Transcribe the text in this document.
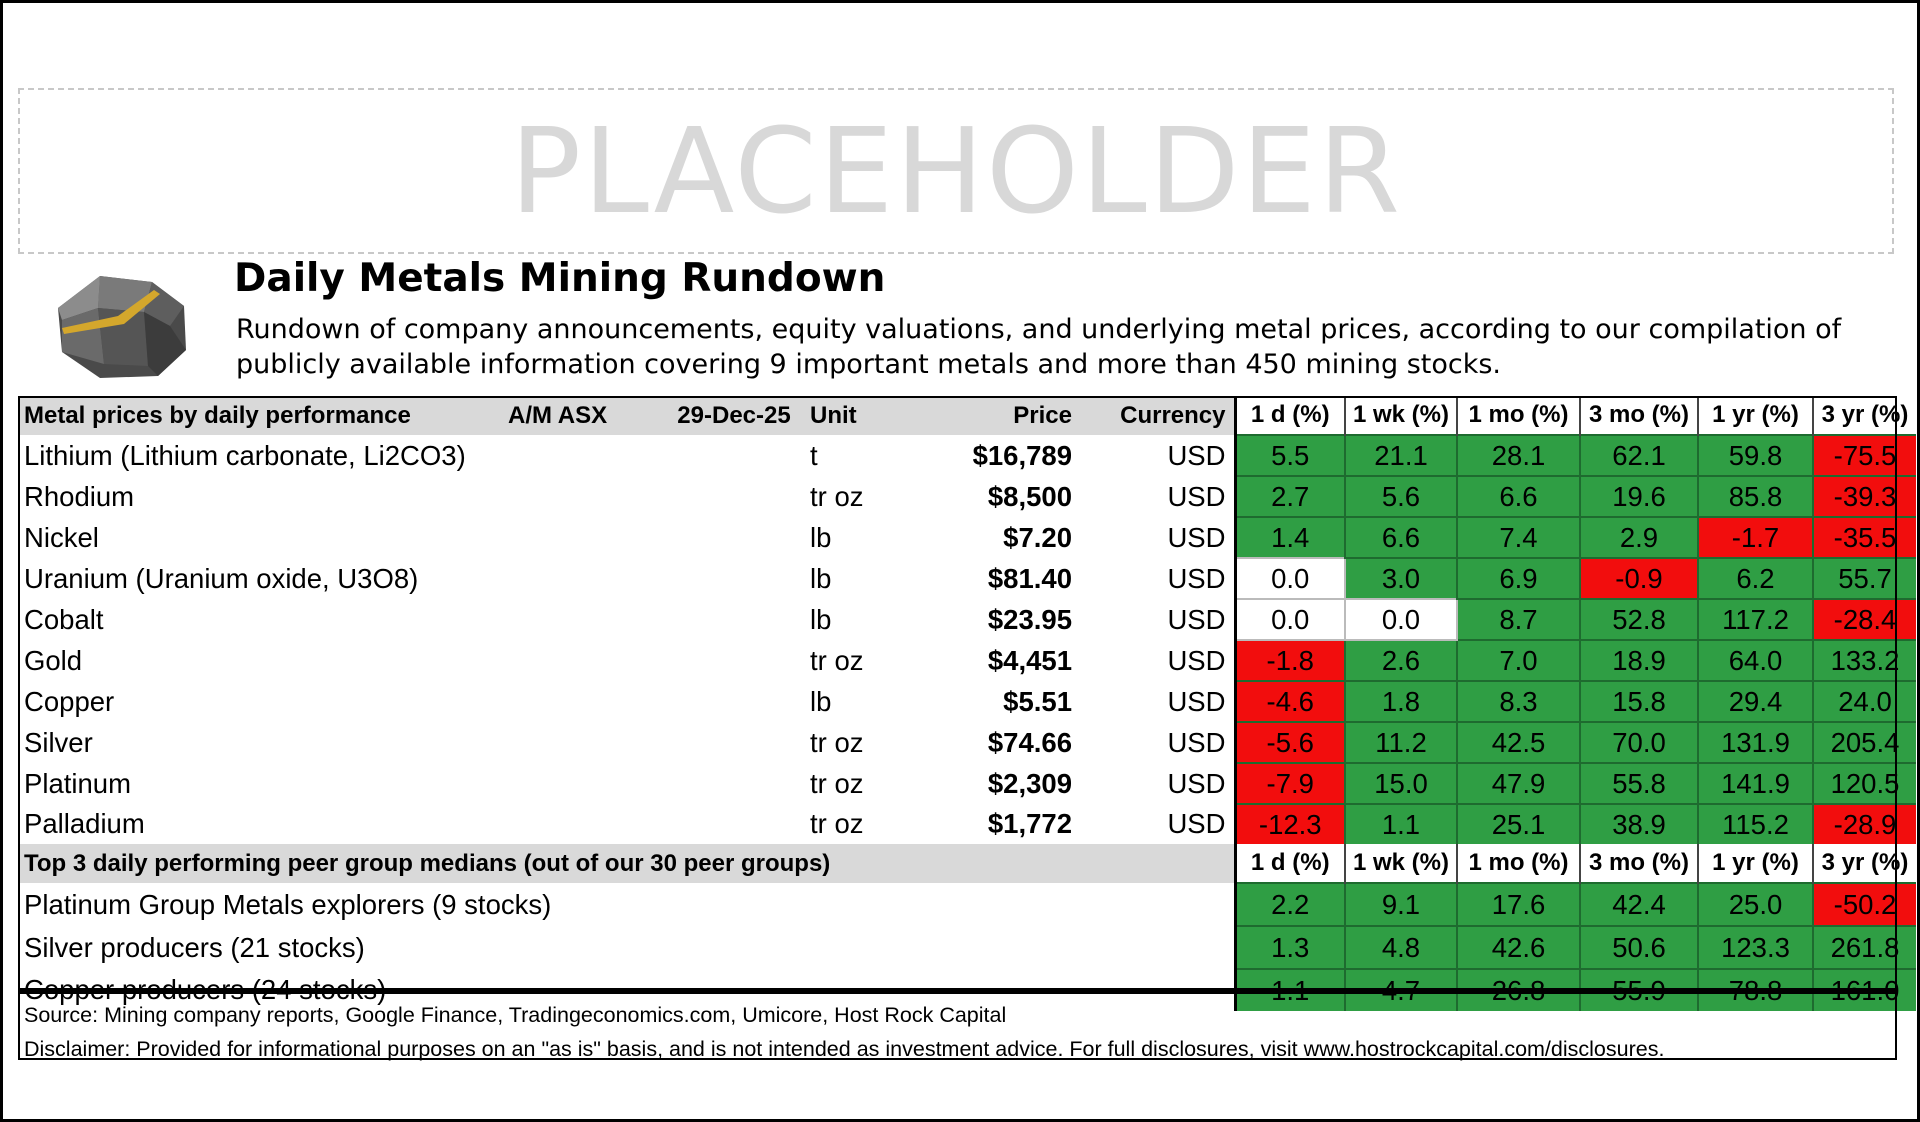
PLACEHOLDER
Daily Metals Mining Rundown
Rundown of company announcements, equity valuations, and underlying metal prices, according to our compilation of publicly available information covering 9 important metals and more than 450 mining stocks.
Metal prices by daily performance	A/M ASX	29-Dec-25	Unit	Price	Currency	1 d (%)	1 wk (%)	1 mo (%)	3 mo (%)	1 yr (%)	3 yr (%)
Lithium (Lithium carbonate, Li2CO3)			t	$16,789	USD	5.5	21.1	28.1	62.1	59.8	-75.5
Rhodium			tr oz	$8,500	USD	2.7	5.6	6.6	19.6	85.8	-39.3
Nickel			lb	$7.20	USD	1.4	6.6	7.4	2.9	-1.7	-35.5
Uranium (Uranium oxide, U3O8)			lb	$81.40	USD	0.0	3.0	6.9	-0.9	6.2	55.7
Cobalt			lb	$23.95	USD	0.0	0.0	8.7	52.8	117.2	-28.4
Gold			tr oz	$4,451	USD	-1.8	2.6	7.0	18.9	64.0	133.2
Copper			lb	$5.51	USD	-4.6	1.8	8.3	15.8	29.4	24.0
Silver			tr oz	$74.66	USD	-5.6	11.2	42.5	70.0	131.9	205.4
Platinum			tr oz	$2,309	USD	-7.9	15.0	47.9	55.8	141.9	120.5
Palladium			tr oz	$1,772	USD	-12.3	1.1	25.1	38.9	115.2	-28.9
Top 3 daily performing peer group medians (out of our 30 peer groups)						1 d (%)	1 wk (%)	1 mo (%)	3 mo (%)	1 yr (%)	3 yr (%)
Platinum Group Metals explorers (9 stocks)						2.2	9.1	17.6	42.4	25.0	-50.2
Silver producers (21 stocks)						1.3	4.8	42.6	50.6	123.3	261.8
Copper producers (24 stocks)						1.1	4.7	26.8	55.9	78.8	161.0
Source: Mining company reports, Google Finance, Tradingeconomics.com, Umicore, Host Rock Capital
Disclaimer: Provided for informational purposes on an "as is" basis, and is not intended as investment advice. For full disclosures, visit www.hostrockcapital.com/disclosures.
